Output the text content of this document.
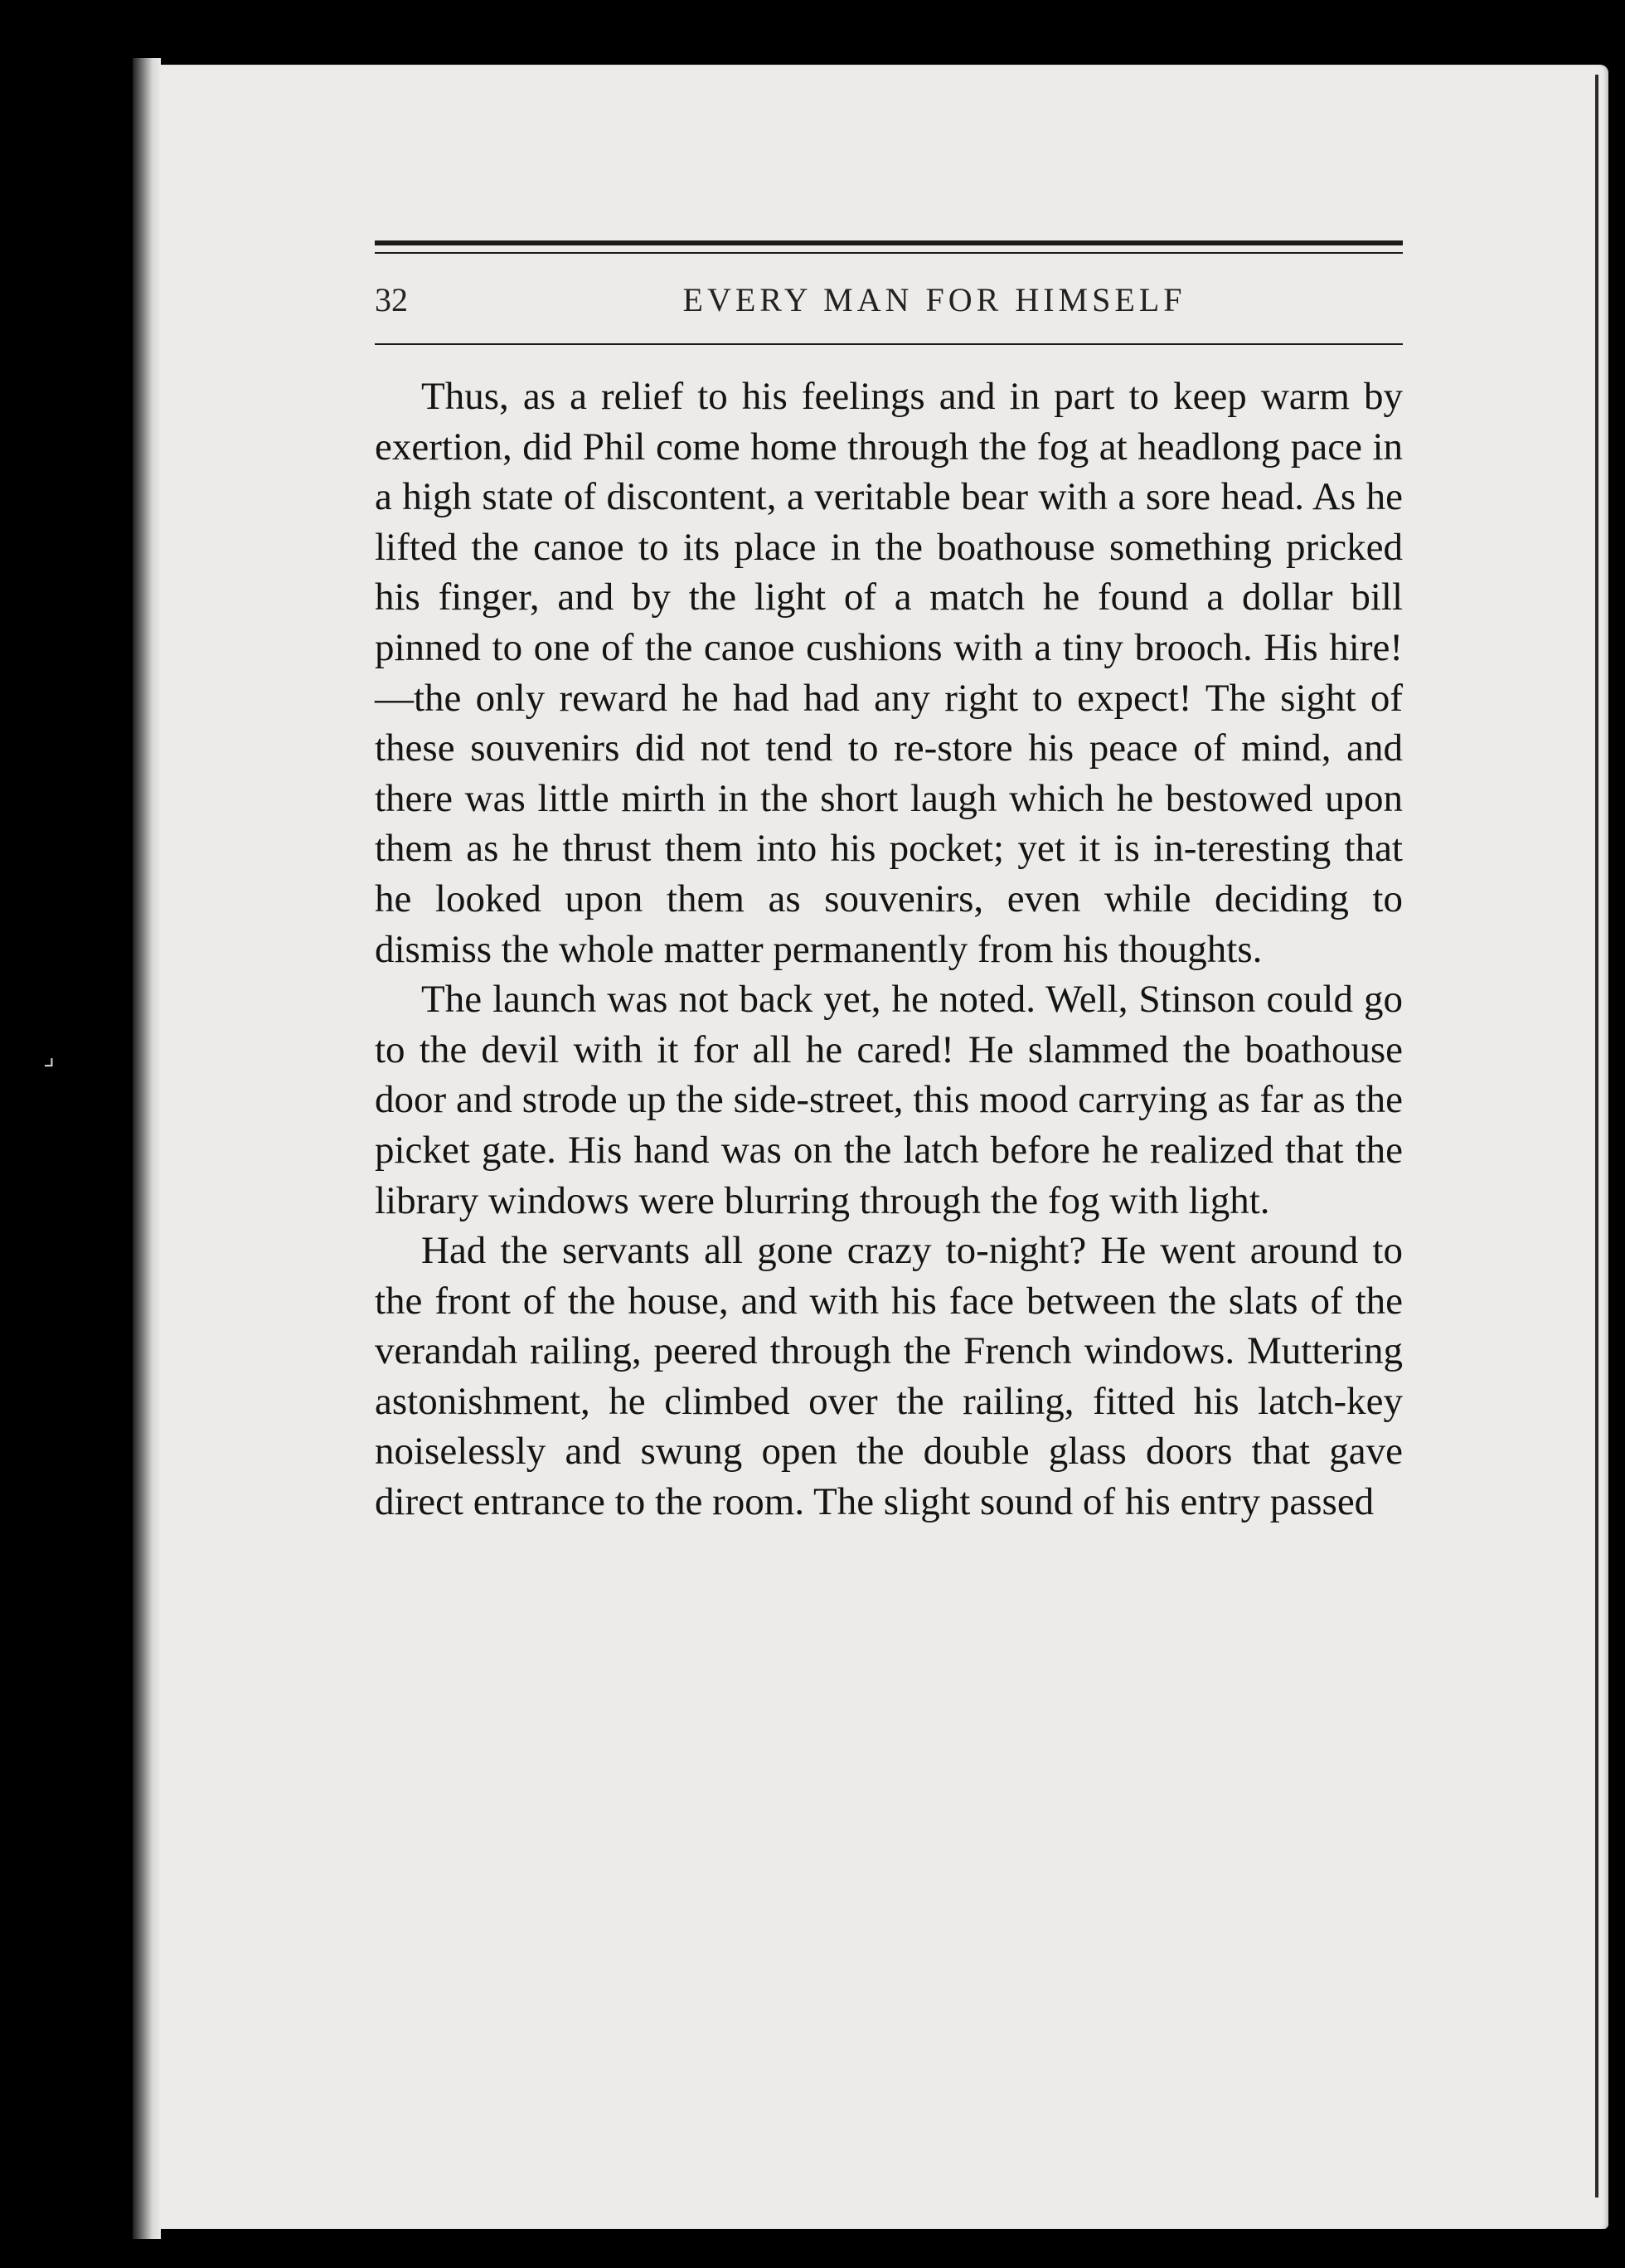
⌟
32	EVERY MAN FOR HIMSELF

Thus, as a relief to his feelings and in part to keep warm by exertion, did Phil come home through the fog at headlong pace in a high state of discontent, a veritable bear with a sore head. As he lifted the canoe to its place in the boathouse something pricked his finger, and by the light of a match he found a dollar bill pinned to one of the canoe cushions with a tiny brooch. His hire! —the only reward he had had any right to expect! The sight of these souvenirs did not tend to re-store his peace of mind, and there was little mirth in the short laugh which he bestowed upon them as he thrust them into his pocket; yet it is in-teresting that he looked upon them as souvenirs, even while deciding to dismiss the whole matter permanently from his thoughts.

The launch was not back yet, he noted. Well, Stinson could go to the devil with it for all he cared! He slammed the boathouse door and strode up the side-street, this mood carrying as far as the picket gate. His hand was on the latch before he realized that the library windows were blurring through the fog with light.

Had the servants all gone crazy to-night? He went around to the front of the house, and with his face between the slats of the verandah railing, peered through the French windows. Muttering astonishment, he climbed over the railing, fitted his latch-key noiselessly and swung open the double glass doors that gave direct entrance to the room. The slight sound of his entry passed
